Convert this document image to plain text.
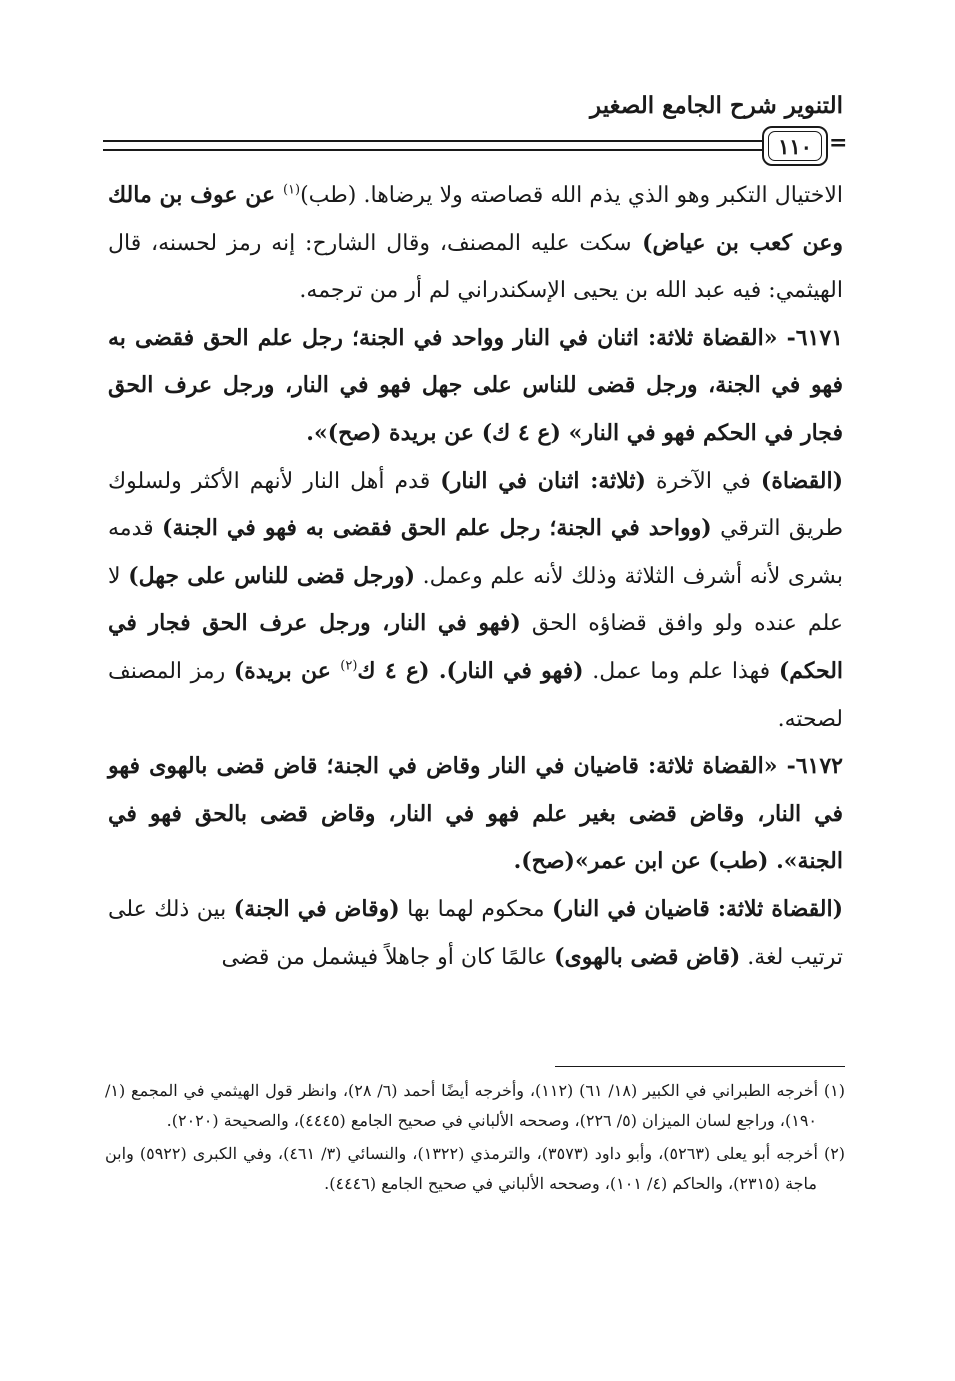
التنوير شرح الجامع الصغير
١١٠ =

الاختيال التكبر وهو الذي يذم الله قصاصته ولا يرضاها. (طب)$^{(١)}$ عن عوف بن مالك وعن كعب بن عياض) سكت عليه المصنف، وقال الشارح: إنه رمز لحسنه، قال الهيثمي: فيه عبد الله بن يحيى الإسكندراني لم أر من ترجمه.

٦١٧١- «القضاة ثلاثة: اثنان في النار وواحد في الجنة؛ رجل علم الحق فقضى به فهو في الجنة، ورجل قضى للناس على جهل فهو في النار، ورجل عرف الحق فجار في الحكم فهو في النار» (ع ٤ ك) عن بريدة (صح)».

(القضاة) في الآخرة (ثلاثة: اثنان في النار) قدم أهل النار لأنهم الأكثر ولسلوك طريق الترقي (وواحد في الجنة؛ رجل علم الحق فقضى به فهو في الجنة) قدمه بشرى لأنه أشرف الثلاثة وذلك لأنه علم وعمل. (ورجل قضى للناس على جهل) لا علم عنده ولو وافق قضاؤه الحق (فهو في النار، ورجل عرف الحق فجار في الحكم) فهذا علم وما عمل. (فهو في النار). (ع ٤ ك$^{(٢)}$ عن بريدة) رمز المصنف لصحته.

٦١٧٢- «القضاة ثلاثة: قاضيان في النار وقاض في الجنة؛ قاض قضى بالهوى فهو في النار، وقاض قضى بغير علم فهو في النار، وقاض قضى بالحق فهو في الجنة». (طب) عن ابن عمر»(صح).

(القضاة ثلاثة: قاضيان في النار) محكوم لهما بها (وقاض في الجنة) بين ذلك على ترتيب لغة. (قاض قضى بالهوى) عالمًا كان أو جاهلاً فيشمل من قضى

(١) أخرجه الطبراني في الكبير (١٨/ ٦١) (١١٢)، وأخرجه أيضًا أحمد (٦/ ٢٨)، وانظر قول الهيثمي في المجمع (١/ ١٩٠)، وراجع لسان الميزان (٥/ ٢٢٦)، وصححه الألباني في صحيح الجامع (٤٤٤٥)، والصحيحة (٢٠٢٠).

(٢) أخرجه أبو يعلى (٥٢٦٣)، وأبو داود (٣٥٧٣)، والترمذي (١٣٢٢)، والنسائي (٣/ ٤٦١)، وفي الكبرى (٥٩٢٢) وابن ماجة (٢٣١٥)، والحاكم (٤/ ١٠١)، وصححه الألباني في صحيح الجامع (٤٤٤٦).
